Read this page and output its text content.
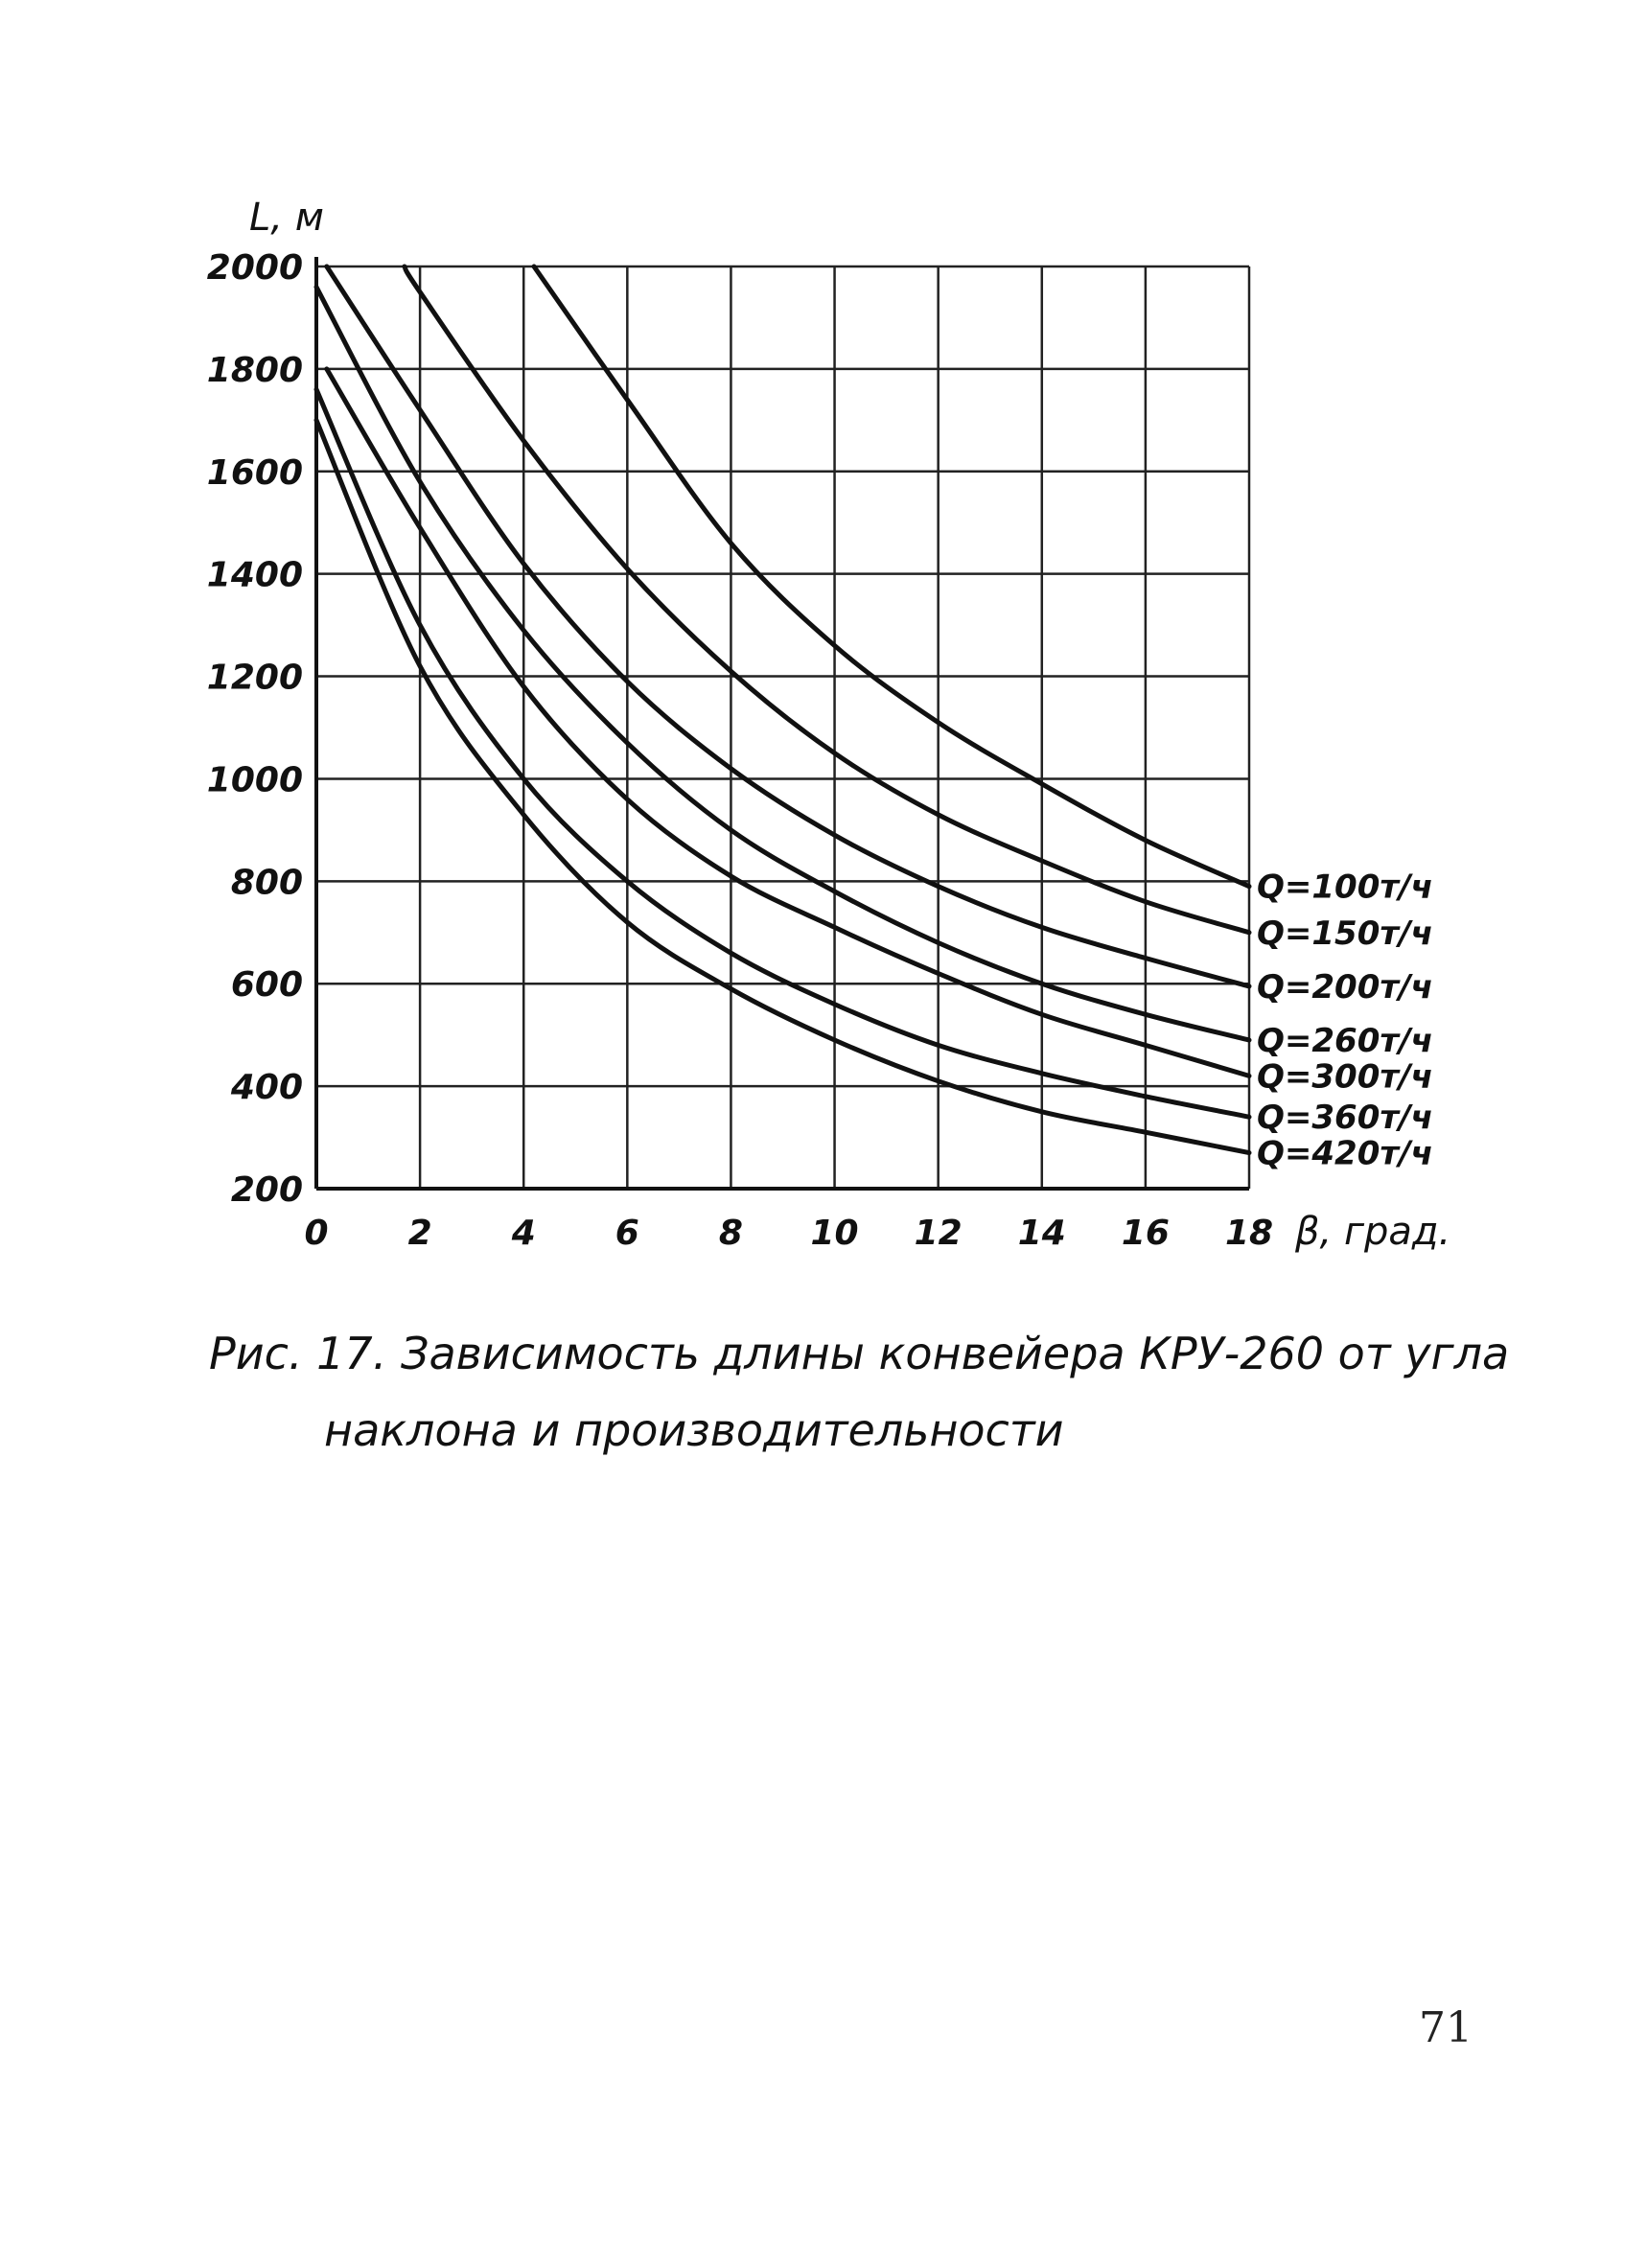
0 2 4 6 8 10 12 14 16 18
200
400
600
800
1000
1200
1400
1600
1800
2000
L, м
β, град.
Q=100т/ч
Q=150т/ч
Q=200т/ч
Q=260т/ч
Q=300т/ч
Q=360т/ч
Q=420т/ч
Рис. 17. Зависимость длины конвейера КРУ-260 от угла
наклона и производительности
71
